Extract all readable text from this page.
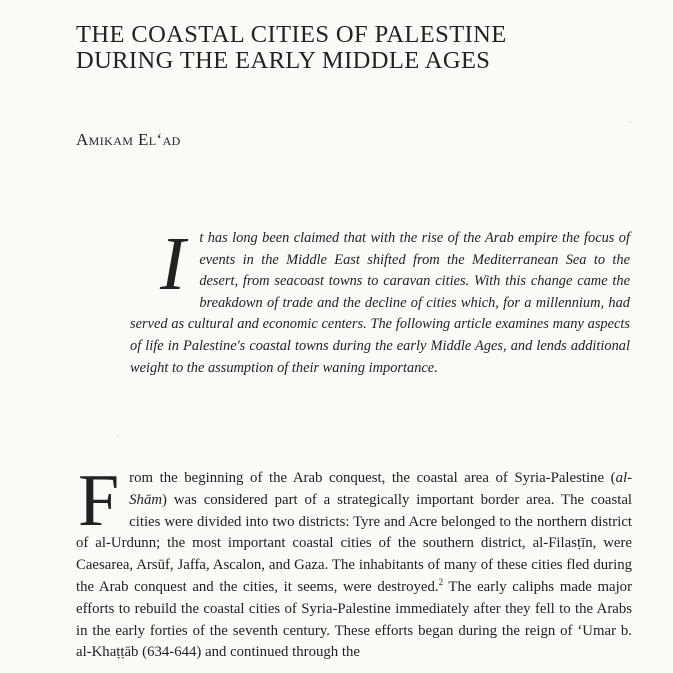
THE COASTAL CITIES OF PALESTINE
DURING THE EARLY MIDDLE AGES
Amikam El‘ad
I t has long been claimed that with the rise of the Arab empire the focus of events in the Middle East shifted from the Mediterranean Sea to the desert, from seacoast towns to caravan cities. With this change came the breakdown of trade and the decline of cities which, for a millennium, had served as cultural and economic centers. The following article examines many aspects of life in Palestine's coastal towns during the early Middle Ages, and lends additional weight to the assumption of their waning importance.
From the beginning of the Arab conquest, the coastal area of Syria-Palestine (al-Shām) was considered part of a strategically important border area. The coastal cities were divided into two districts: Tyre and Acre belonged to the northern district of al-Urdunn; the most important coastal cities of the southern district, al-Filasṭīn, were Caesarea, Arsūf, Jaffa, Ascalon, and Gaza. The inhabitants of many of these cities fled during the Arab conquest and the cities, it seems, were destroyed.$^2$ The early caliphs made major efforts to rebuild the coastal cities of Syria-Palestine immediately after they fell to the Arabs in the early forties of the seventh century. These efforts began during the reign of ‘Umar b. al-Khaṭṭāb (634-644) and continued through the
·
·
